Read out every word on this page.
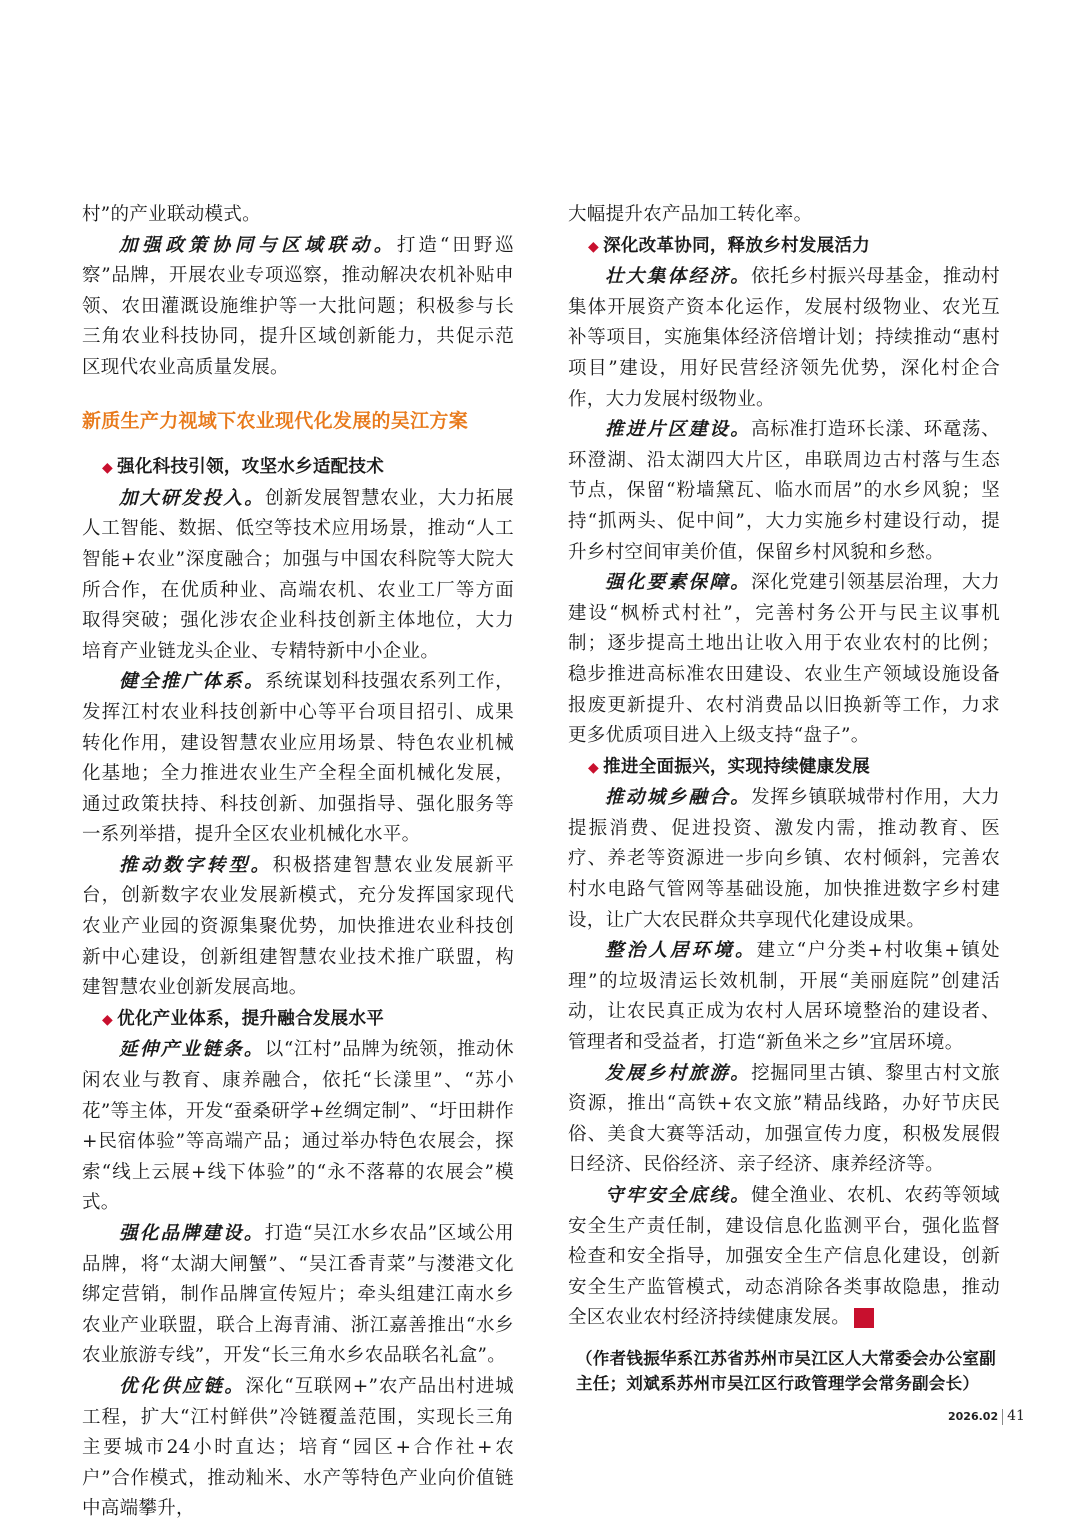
村”的产业联动模式。

加强政策协同与区域联动。打造“田野巡察”品牌，开展农业专项巡察，推动解决农机补贴申领、农田灌溉设施维护等一大批问题；积极参与长三角农业科技协同，提升区域创新能力，共促示范区现代农业高质量发展。

新质生产力视域下农业现代化发展的吴江方案

◆ 强化科技引领，攻坚水乡适配技术

加大研发投入。创新发展智慧农业，大力拓展人工智能、数据、低空等技术应用场景，推动“人工智能+农业”深度融合；加强与中国农科院等大院大所合作，在优质种业、高端农机、农业工厂等方面取得突破；强化涉农企业科技创新主体地位，大力培育产业链龙头企业、专精特新中小企业。

健全推广体系。系统谋划科技强农系列工作，发挥江村农业科技创新中心等平台项目招引、成果转化作用，建设智慧农业应用场景、特色农业机械化基地；全力推进农业生产全程全面机械化发展，通过政策扶持、科技创新、加强指导、强化服务等一系列举措，提升全区农业机械化水平。

推动数字转型。积极搭建智慧农业发展新平台，创新数字农业发展新模式，充分发挥国家现代农业产业园的资源集聚优势，加快推进农业科技创新中心建设，创新组建智慧农业技术推广联盟，构建智慧农业创新发展高地。

◆ 优化产业体系，提升融合发展水平

延伸产业链条。以“江村”品牌为统领，推动休闲农业与教育、康养融合，依托“长漾里”、“苏小花”等主体，开发“蚕桑研学+丝绸定制”、“圩田耕作+民宿体验”等高端产品；通过举办特色农展会，探索“线上云展+线下体验”的“永不落幕的农展会”模式。

强化品牌建设。打造“吴江水乡农品”区域公用品牌，将“太湖大闸蟹”、“吴江香青菜”与漤港文化绑定营销，制作品牌宣传短片；牵头组建江南水乡农业产业联盟，联合上海青浦、浙江嘉善推出“水乡农业旅游专线”，开发“长三角水乡农品联名礼盒”。

优化供应链。深化“互联网+”农产品出村进城工程，扩大“江村鲜供”冷链覆盖范围，实现长三角主要城市24小时直达；培育“园区+合作社+农户”合作模式，推动籼米、水产等特色产业向价值链中高端攀升，

大幅提升农产品加工转化率。

◆ 深化改革协同，释放乡村发展活力

壮大集体经济。依托乡村振兴母基金，推动村集体开展资产资本化运作，发展村级物业、农光互补等项目，实施集体经济倍增计划；持续推动“惠村项目”建设，用好民营经济领先优势，深化村企合作，大力发展村级物业。

推进片区建设。高标准打造环长漾、环鼋荡、环澄湖、沿太湖四大片区，串联周边古村落与生态节点，保留“粉墙黛瓦、临水而居”的水乡风貌；坚持“抓两头、促中间”，大力实施乡村建设行动，提升乡村空间审美价值，保留乡村风貌和乡愁。

强化要素保障。深化党建引领基层治理，大力建设“枫桥式村社”，完善村务公开与民主议事机制；逐步提高土地出让收入用于农业农村的比例；稳步推进高标准农田建设、农业生产领域设施设备报废更新提升、农村消费品以旧换新等工作，力求更多优质项目进入上级支持“盘子”。

◆ 推进全面振兴，实现持续健康发展

推动城乡融合。发挥乡镇联城带村作用，大力提振消费、促进投资、激发内需，推动教育、医疗、养老等资源进一步向乡镇、农村倾斜，完善农村水电路气管网等基础设施，加快推进数字乡村建设，让广大农民群众共享现代化建设成果。

整治人居环境。建立“户分类+村收集+镇处理”的垃圾清运长效机制，开展“美丽庭院”创建活动，让农民真正成为农村人居环境整治的建设者、管理者和受益者，打造“新鱼米之乡”宜居环境。

发展乡村旅游。挖掘同里古镇、黎里古村文旅资源，推出“高铁+农文旅”精品线路，办好节庆民俗、美食大赛等活动，加强宣传力度，积极发展假日经济、民俗经济、亲子经济、康养经济等。

守牢安全底线。健全渔业、农机、农药等领域安全生产责任制，建设信息化监测平台，强化监督检查和安全指导，加强安全生产信息化建设，创新安全生产监管模式，动态消除各类事故隐患，推动全区农业农村经济持续健康发展。	村

（作者钱振华系江苏省苏州市吴江区人大常委会办公室副主任；刘斌系苏州市吴江区行政管理学会常务副会长）
2026.02 41
